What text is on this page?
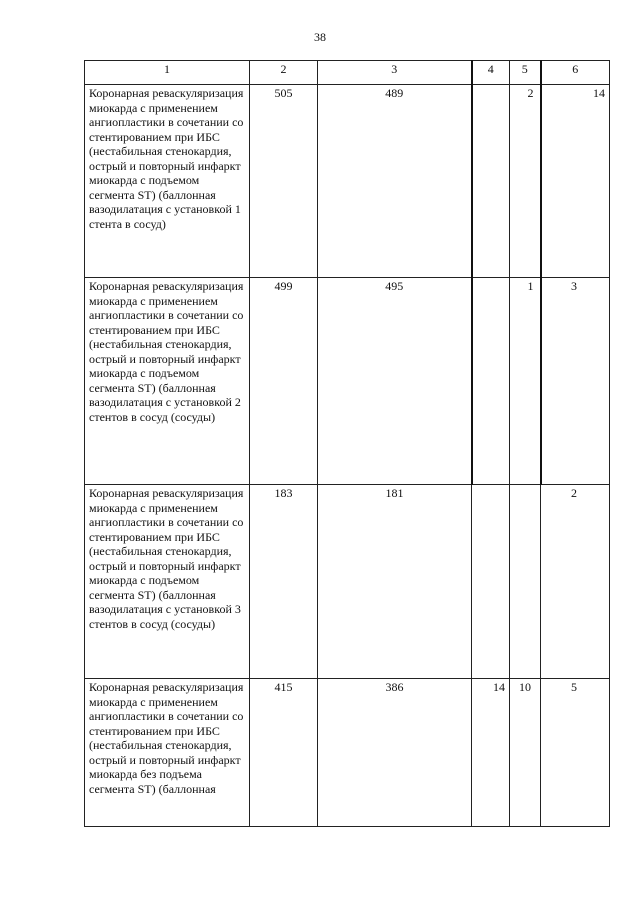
38
1	2	3	4	5	6
Коронарная реваскуляризация миокарда с применением ангиопластики в сочетании со стентированием при ИБС (нестабильная стенокардия, острый и повторный инфаркт миокарда с подъемом сегмента ST) (баллонная вазодилатация с установкой 1 стента в сосуд)	505	489		2	14
Коронарная реваскуляризация миокарда с применением ангиопластики в сочетании со стентированием при ИБС (нестабильная стенокардия, острый и повторный инфаркт миокарда с подъемом сегмента ST) (баллонная вазодилатация с установкой 2 стентов в сосуд (сосуды)	499	495		1	3
Коронарная реваскуляризация миокарда с применением ангиопластики в сочетании со стентированием при ИБС (нестабильная стенокардия, острый и повторный инфаркт миокарда с подъемом сегмента ST) (баллонная вазодилатация с установкой 3 стентов в сосуд (сосуды)	183	181			2
Коронарная реваскуляризация миокарда с применением ангиопластики в сочетании со стентированием при ИБС (нестабильная стенокардия, острый и повторный инфаркт миокарда без подъема сегмента ST) (баллонная	415	386	14	10	5
